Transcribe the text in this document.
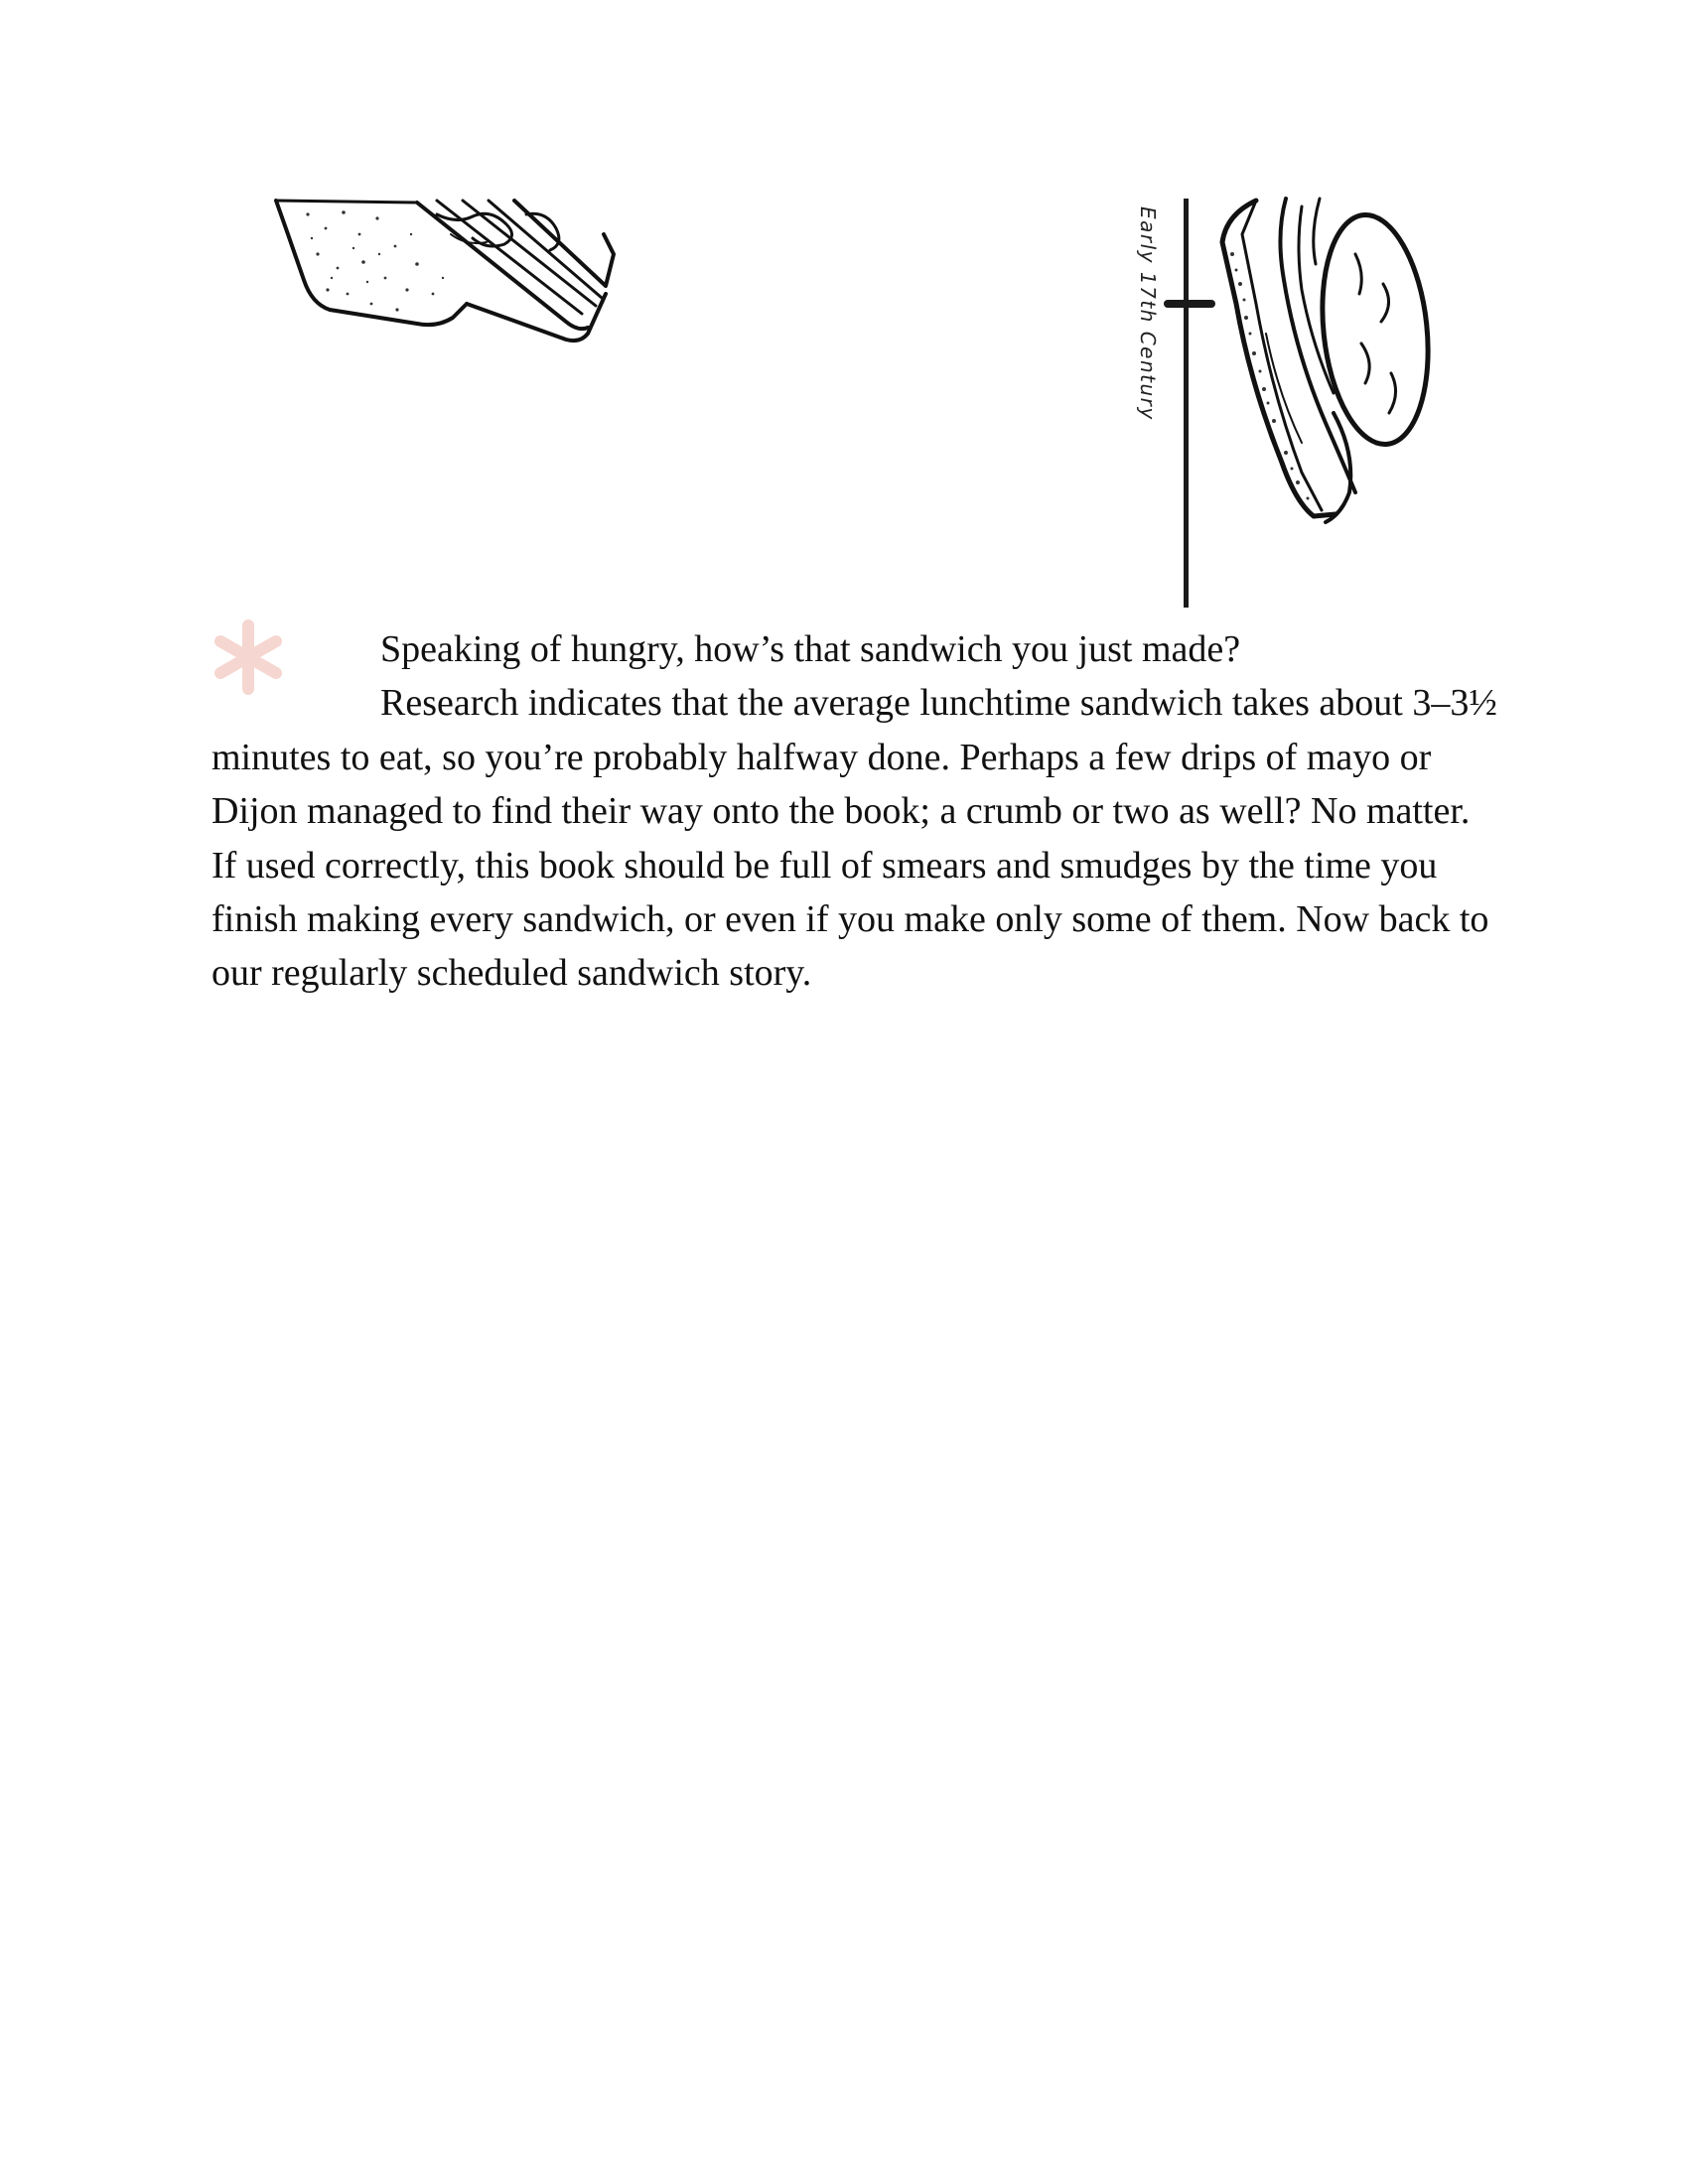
Early 17th Century

Speaking of hungry, how’s that sandwich you just made?

Research indicates that the average lunchtime sandwich takes about 3–3½ minutes to eat, so you’re probably halfway done. Perhaps a few drips of mayo or Dijon managed to find their way onto the book; a crumb or two as well? No matter. If used correctly, this book should be full of smears and smudges by the time you finish making every sandwich, or even if you make only some of them. Now back to our regularly scheduled sandwich story.
